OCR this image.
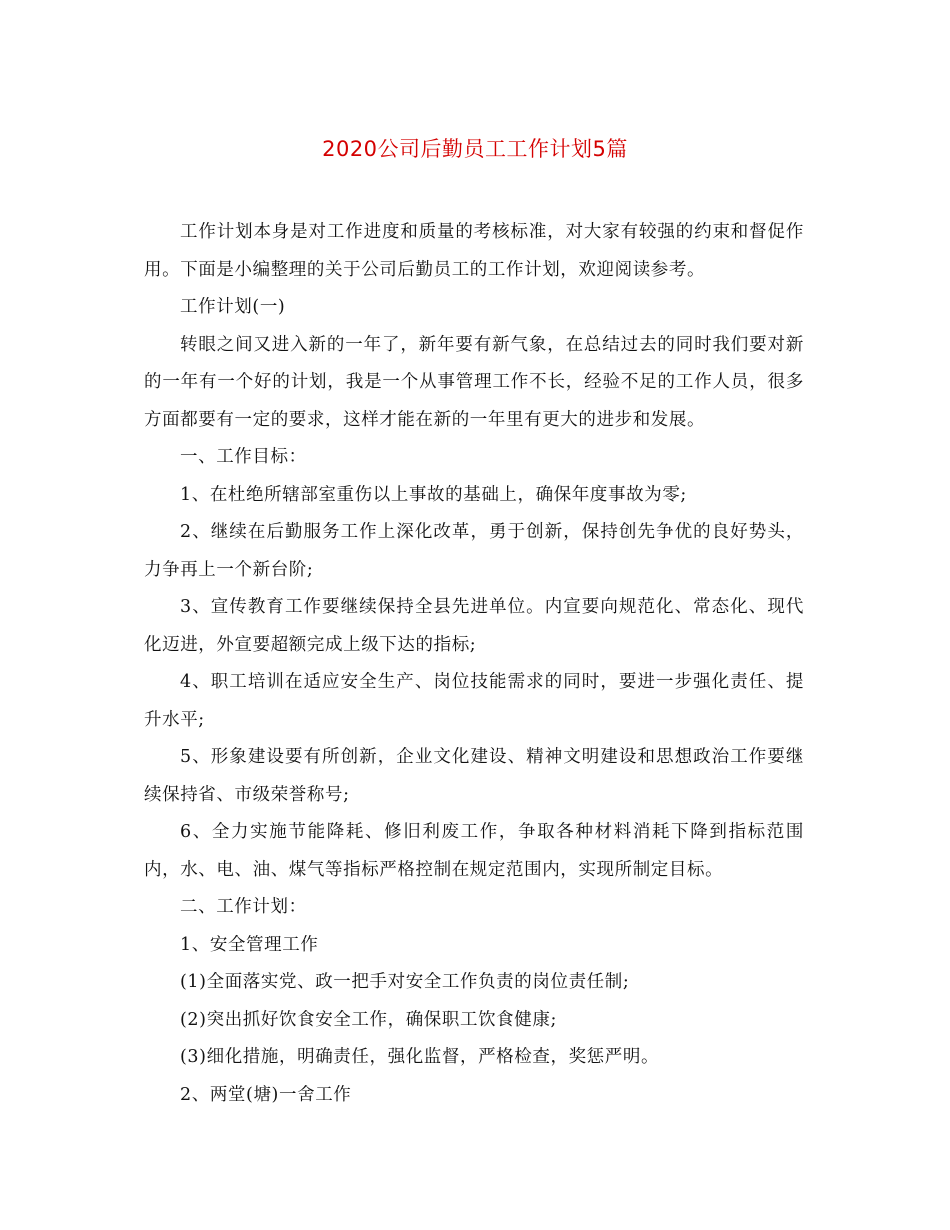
2020公司后勤员工工作计划5篇

工作计划本身是对工作进度和质量的考核标准，对大家有较强的约束和督促作用。下面是小编整理的关于公司后勤员工的工作计划，欢迎阅读参考。

工作计划(一)

转眼之间又进入新的一年了，新年要有新气象，在总结过去的同时我们要对新的一年有一个好的计划，我是一个从事管理工作不长，经验不足的工作人员，很多方面都要有一定的要求，这样才能在新的一年里有更大的进步和发展。

一、工作目标：

1、在杜绝所辖部室重伤以上事故的基础上，确保年度事故为零;

2、继续在后勤服务工作上深化改革，勇于创新，保持创先争优的良好势头，力争再上一个新台阶;

3、宣传教育工作要继续保持全县先进单位。内宣要向规范化、常态化、现代化迈进，外宣要超额完成上级下达的指标;

4、职工培训在适应安全生产、岗位技能需求的同时，要进一步强化责任、提升水平;

5、形象建设要有所创新，企业文化建设、精神文明建设和思想政治工作要继续保持省、市级荣誉称号;

6、全力实施节能降耗、修旧利废工作，争取各种材料消耗下降到指标范围内，水、电、油、煤气等指标严格控制在规定范围内，实现所制定目标。

二、工作计划：

1、安全管理工作

(1)全面落实党、政一把手对安全工作负责的岗位责任制;

(2)突出抓好饮食安全工作，确保职工饮食健康;

(3)细化措施，明确责任，强化监督，严格检查，奖惩严明。

2、两堂(塘)一舍工作
